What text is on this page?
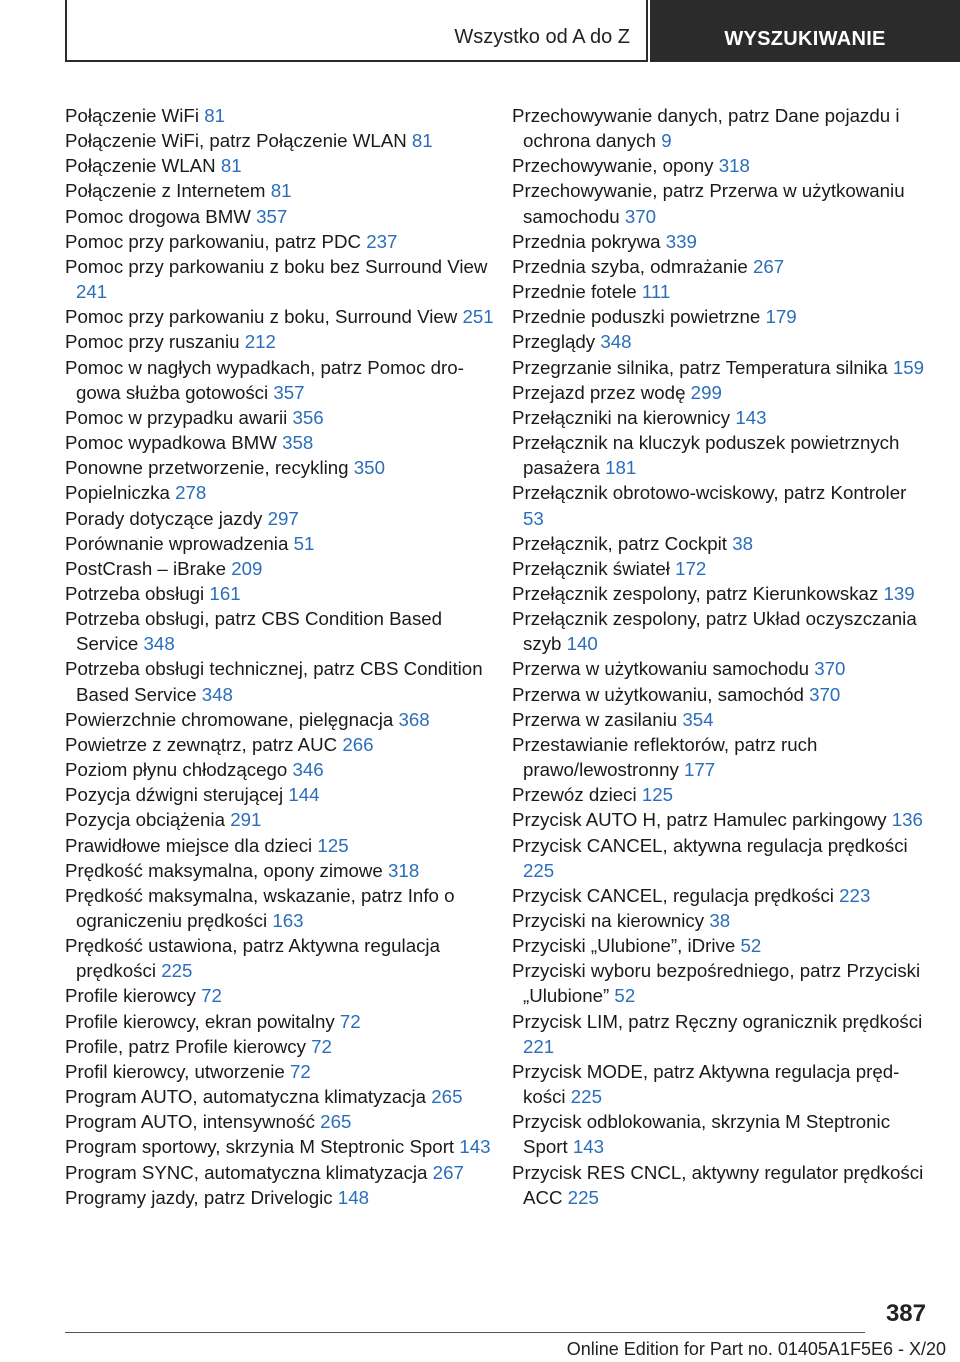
Wszystko od A do Z	WYSZUKIWANIE

Połączenie WiFi 81

Połączenie WiFi, patrz Połączenie WLAN 81

Połączenie WLAN 81

Połączenie z Internetem 81

Pomoc drogowa BMW 357

Pomoc przy parkowaniu, patrz PDC 237

Pomoc przy parkowaniu z boku bez Surround View 241

Pomoc przy parkowaniu z boku, Surround View 251

Pomoc przy ruszaniu 212

Pomoc w nagłych wypadkach, patrz Pomoc drogowa służba gotowości 357

Pomoc w przypadku awarii 356

Pomoc wypadkowa BMW 358

Ponowne przetworzenie, recykling 350

Popielniczka 278

Porady dotyczące jazdy 297

Porównanie wprowadzenia 51

PostCrash – iBrake 209

Potrzeba obsługi 161

Potrzeba obsługi, patrz CBS Condition Based Service 348

Potrzeba obsługi technicznej, patrz CBS Condition Based Service 348

Powierzchnie chromowane, pielęgnacja 368

Powietrze z zewnątrz, patrz AUC 266

Poziom płynu chłodzącego 346

Pozycja dźwigni sterującej 144

Pozycja obciążenia 291

Prawidłowe miejsce dla dzieci 125

Prędkość maksymalna, opony zimowe 318

Prędkość maksymalna, wskazanie, patrz Info o ograniczeniu prędkości 163

Prędkość ustawiona, patrz Aktywna regulacja prędkości 225

Profile kierowcy 72

Profile kierowcy, ekran powitalny 72

Profile, patrz Profile kierowcy 72

Profil kierowcy, utworzenie 72

Program AUTO, automatyczna klimatyzacja 265

Program AUTO, intensywność 265

Program sportowy, skrzynia M Steptronic Sport 143

Program SYNC, automatyczna klimatyzacja 267

Programy jazdy, patrz Drivelogic 148

Przechowywanie danych, patrz Dane pojazdu i ochrona danych 9

Przechowywanie, opony 318

Przechowywanie, patrz Przerwa w użytkowaniu samochodu 370

Przednia pokrywa 339

Przednia szyba, odmrażanie 267

Przednie fotele 111

Przednie poduszki powietrzne 179

Przeglądy 348

Przegrzanie silnika, patrz Temperatura silnika 159

Przejazd przez wodę 299

Przełączniki na kierownicy 143

Przełącznik na kluczyk poduszek powietrznych pasażera 181

Przełącznik obrotowo-wciskowy, patrz Kontroler 53

Przełącznik, patrz Cockpit 38

Przełącznik świateł 172

Przełącznik zespolony, patrz Kierunkowskaz 139

Przełącznik zespolony, patrz Układ oczyszczania szyb 140

Przerwa w użytkowaniu samochodu 370

Przerwa w użytkowaniu, samochód 370

Przerwa w zasilaniu 354

Przestawianie reflektorów, patrz ruch prawo/lewostronny 177

Przewóz dzieci 125

Przycisk AUTO H, patrz Hamulec parkingowy 136

Przycisk CANCEL, aktywna regulacja prędkości 225

Przycisk CANCEL, regulacja prędkości 223

Przyciski na kierownicy 38

Przyciski „Ulubione”, iDrive 52

Przyciski wyboru bezpośredniego, patrz Przyciski „Ulubione” 52

Przycisk LIM, patrz Ręczny ogranicznik prędkości 221

Przycisk MODE, patrz Aktywna regulacja prędkości 225

Przycisk odblokowania, skrzynia M Steptronic Sport 143

Przycisk RES CNCL, aktywny regulator prędkości ACC 225

387
Online Edition for Part no. 01405A1F5E6 - X/20
